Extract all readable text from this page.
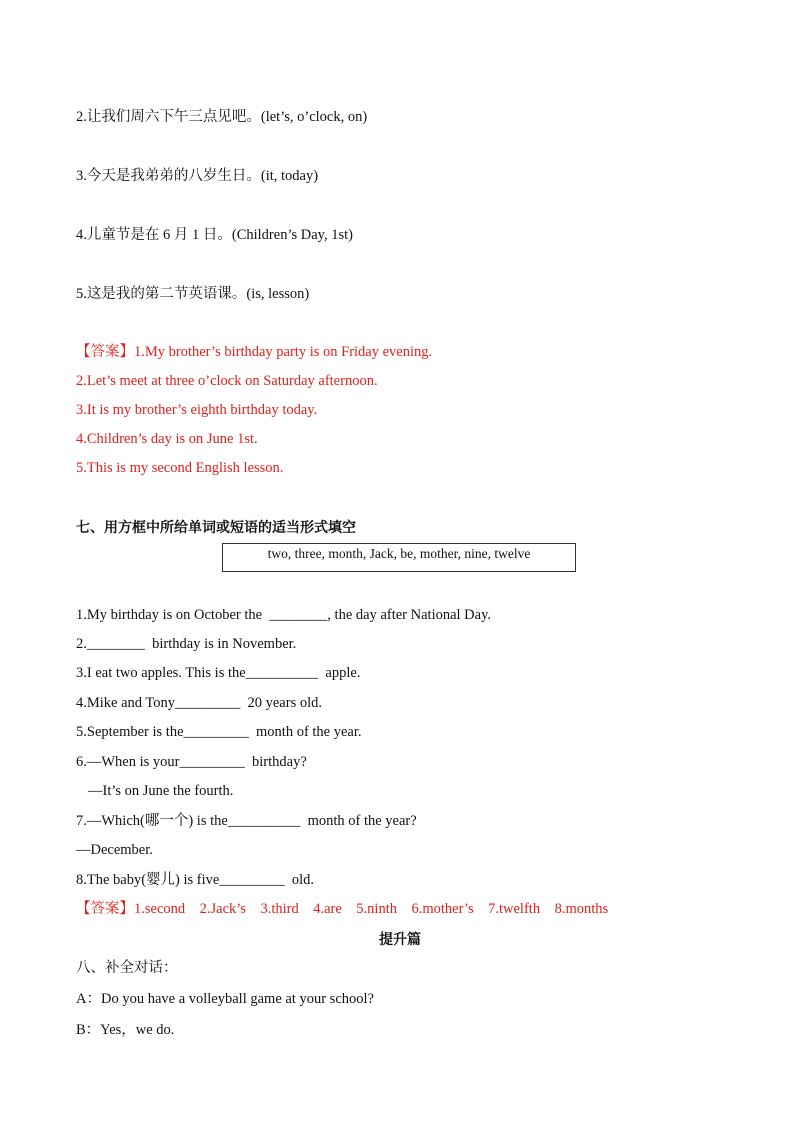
2.让我们周六下午三点见吧。(let’s, o’clock, on)
3.今天是我弟弟的八岁生日。(it, today)
4.儿童节是在 6 月 1 日。(Children’s Day, 1st)
5.这是我的第二节英语课。(is, lesson)
【答案】1.My brother’s birthday party is on Friday evening.
2.Let’s meet at three o’clock on Saturday afternoon.
3.It is my brother’s eighth birthday today.
4.Children’s day is on June 1st.
5.This is my second English lesson.
七、用方框中所给单词或短语的适当形式填空
two, three, month, Jack, be, mother, nine, twelve
1.My birthday is on October the  ________, the day after National Day.
2.________  birthday is in November.
3.I eat two apples. This is the__________  apple.
4.Mike and Tony_________  20 years old.
5.September is the_________  month of the year.
6.—When is your_________  birthday?
—It’s on June the fourth.
7.—Which(哪一个) is the__________  month of the year?
—December.
8.The baby(婴儿) is five_________  old.
【答案】1.second    2.Jack’s    3.third    4.are    5.ninth    6.mother’s    7.twelfth    8.months
提升篇
八、补全对话：
A：Do you have a volleyball game at your school?
B：Yes，we do.
